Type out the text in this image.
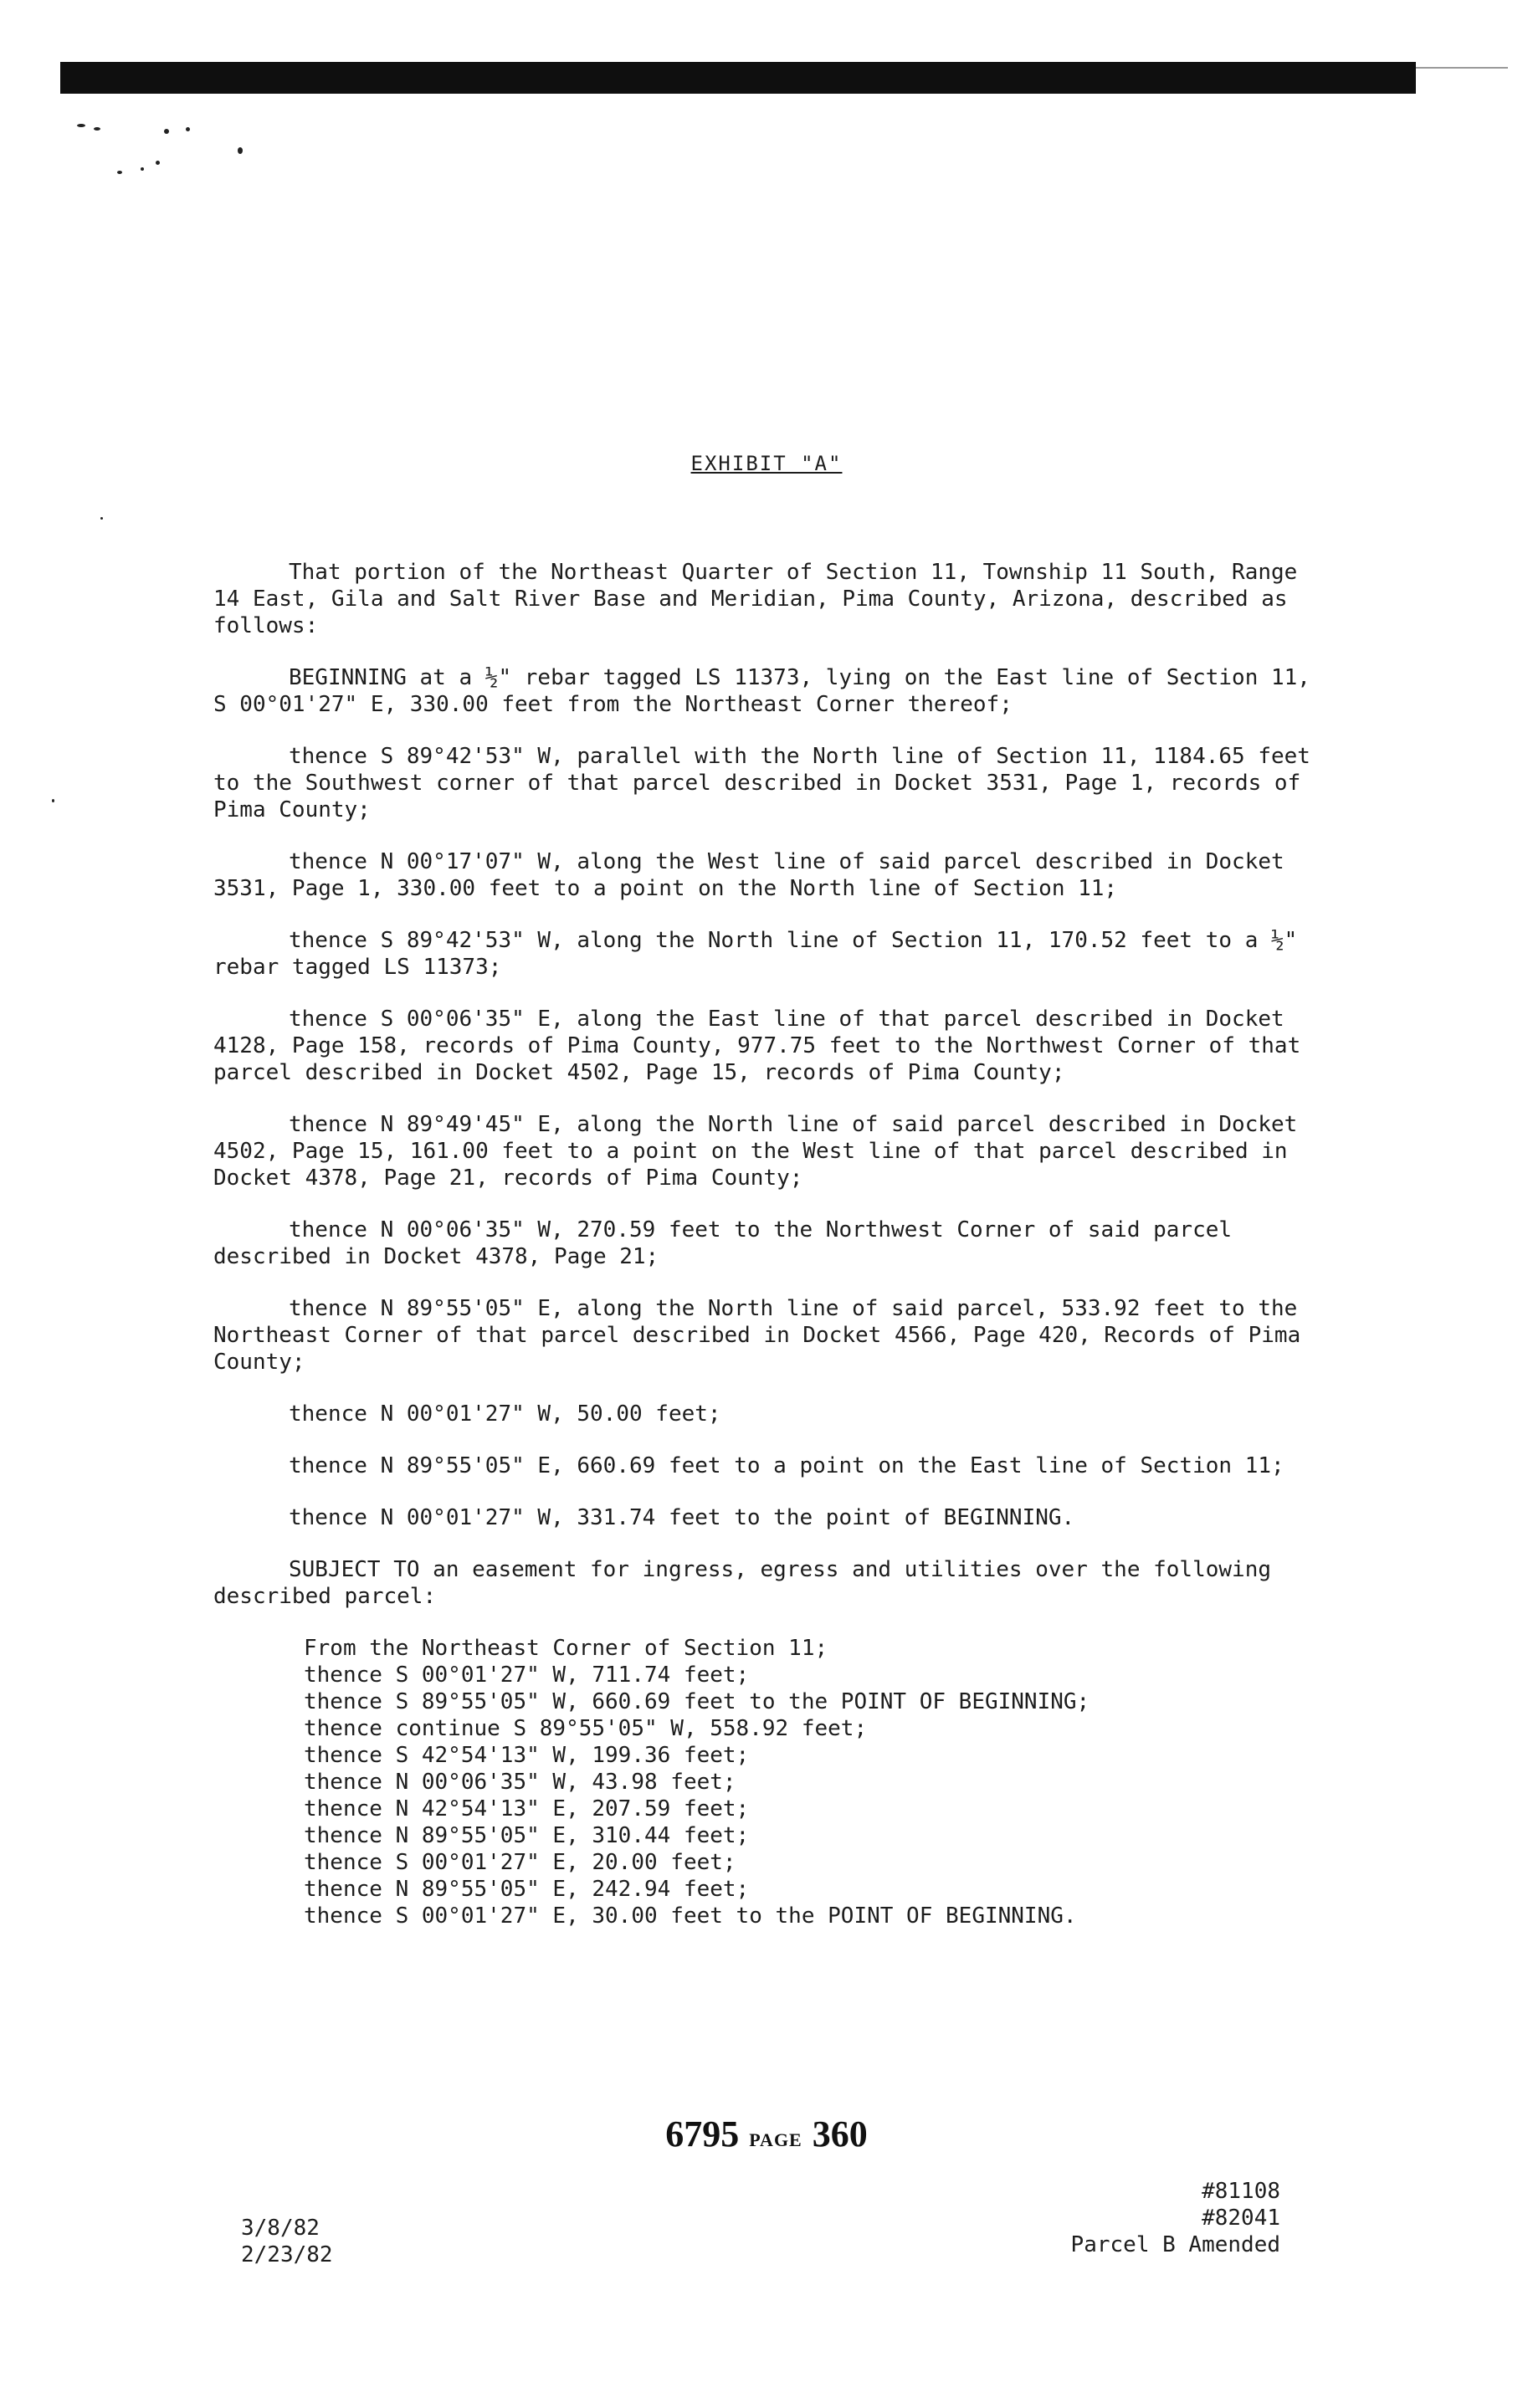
EXHIBIT "A"

That portion of the Northeast Quarter of Section 11, Township 11 South, Range 14 East, Gila and Salt River Base and Meridian, Pima County, Arizona, described as follows:

BEGINNING at a ½" rebar tagged LS 11373, lying on the East line of Section 11, S 00°01'27" E, 330.00 feet from the Northeast Corner thereof;

thence S 89°42'53" W, parallel with the North line of Section 11, 1184.65 feet to the Southwest corner of that parcel described in Docket 3531, Page 1, records of Pima County;

thence N 00°17'07" W, along the West line of said parcel described in Docket 3531, Page 1, 330.00 feet to a point on the North line of Section 11;

thence S 89°42'53" W, along the North line of Section 11, 170.52 feet to a ½" rebar tagged LS 11373;

thence S 00°06'35" E, along the East line of that parcel described in Docket 4128, Page 158, records of Pima County, 977.75 feet to the Northwest Corner of that parcel described in Docket 4502, Page 15, records of Pima County;

thence N 89°49'45" E, along the North line of said parcel described in Docket 4502, Page 15, 161.00 feet to a point on the West line of that parcel described in Docket 4378, Page 21, records of Pima County;

thence N 00°06'35" W, 270.59 feet to the Northwest Corner of said parcel described in Docket 4378, Page 21;

thence N 89°55'05" E, along the North line of said parcel, 533.92 feet to the Northeast Corner of that parcel described in Docket 4566, Page 420, Records of Pima County;

thence N 00°01'27" W, 50.00 feet;

thence N 89°55'05" E, 660.69 feet to a point on the East line of Section 11;

thence N 00°01'27" W, 331.74 feet to the point of BEGINNING.

SUBJECT TO an easement for ingress, egress and utilities over the following described parcel:

From the Northeast Corner of Section 11;
thence S 00°01'27" W, 711.74 feet;
thence S 89°55'05" W, 660.69 feet to the POINT OF BEGINNING;
thence continue S 89°55'05" W, 558.92 feet;
thence S 42°54'13" W, 199.36 feet;
thence N 00°06'35" W, 43.98 feet;
thence N 42°54'13" E, 207.59 feet;
thence N 89°55'05" E, 310.44 feet;
thence S 00°01'27" E, 20.00 feet;
thence N 89°55'05" E, 242.94 feet;
thence S 00°01'27" E, 30.00 feet to the POINT OF BEGINNING.
6795 PAGE 360
3/8/82
2/23/82
#81108
#82041
Parcel B Amended
